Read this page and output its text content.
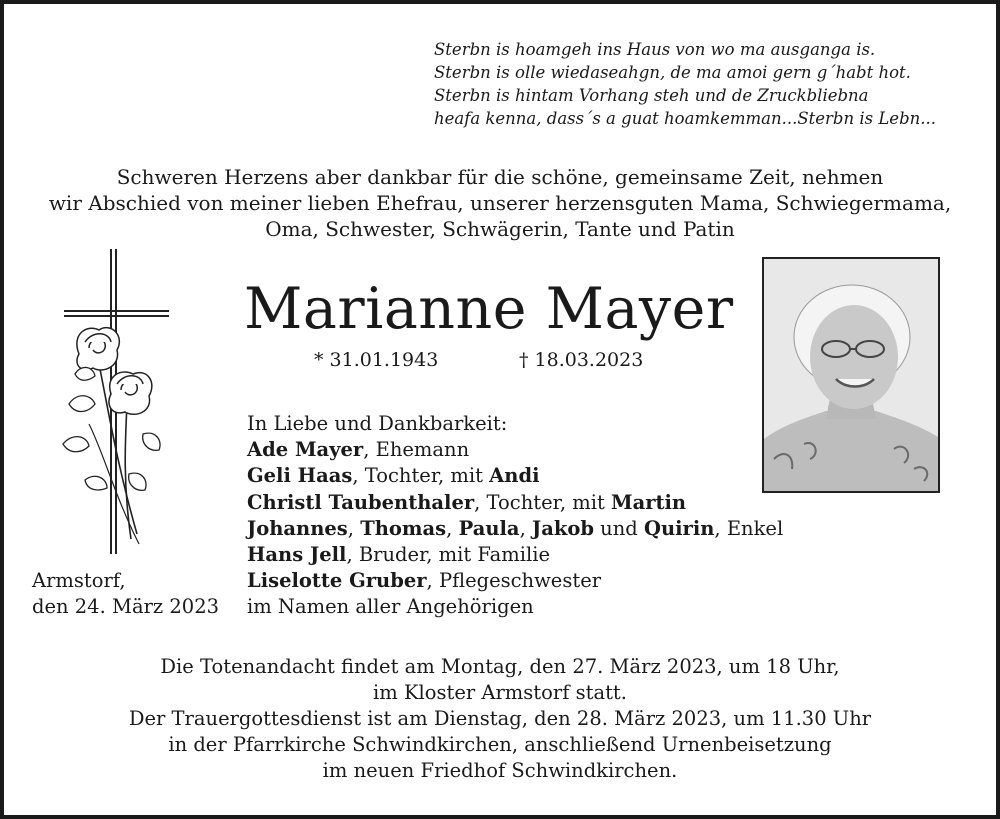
Sterbn is hoamgeh ins Haus von wo ma ausganga is.
Sterbn is olle wiedaseahgn, de ma amoi gern g´habt hot.
Sterbn is hintam Vorhang steh und de Zruckbliebna
heafa kenna, dass´s a guat hoamkemman...Sterbn is Lebn...
Schweren Herzens aber dankbar für die schöne, gemeinsame Zeit, nehmen
wir Abschied von meiner lieben Ehefrau, unserer herzensguten Mama, Schwiegermama,
Oma, Schwester, Schwägerin, Tante und Patin
Marianne Mayer
* 31.01.1943	† 18.03.2023
In Liebe und Dankbarkeit:
Ade Mayer, Ehemann
Geli Haas, Tochter, mit Andi
Christl Taubenthaler, Tochter, mit Martin
Johannes, Thomas, Paula, Jakob und Quirin, Enkel
Hans Jell, Bruder, mit Familie
Liselotte Gruber, Pflegeschwester
im Namen aller Angehörigen
Armstorf,
den 24. März 2023
Die Totenandacht findet am Montag, den 27. März 2023, um 18 Uhr,
im Kloster Armstorf statt.
Der Trauergottesdienst ist am Dienstag, den 28. März 2023, um 11.30 Uhr
in der Pfarrkirche Schwindkirchen, anschließend Urnenbeisetzung
im neuen Friedhof Schwindkirchen.
